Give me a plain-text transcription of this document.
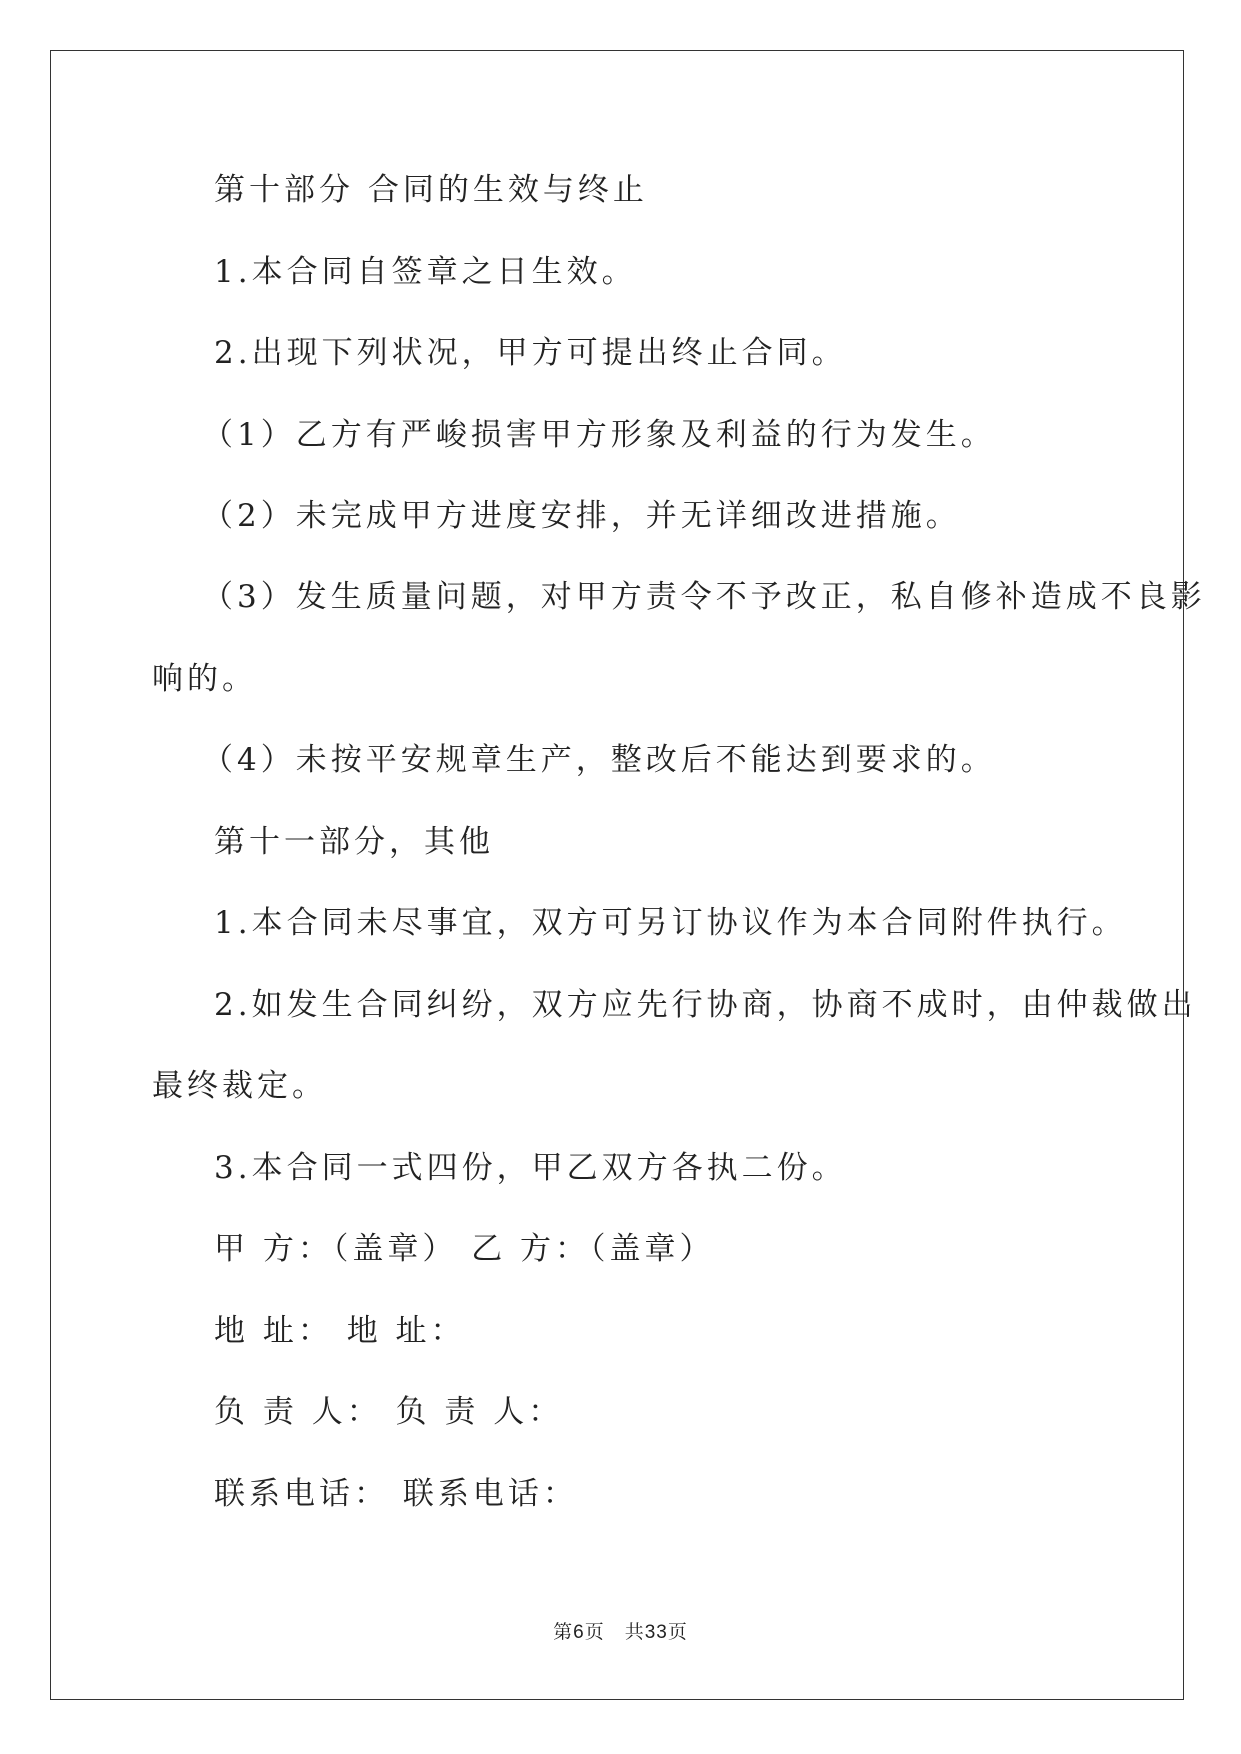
第十部分 合同的生效与终止
1.本合同自签章之日生效。
2.出现下列状况，甲方可提出终止合同。
（1）乙方有严峻损害甲方形象及利益的行为发生。
（2）未完成甲方进度安排，并无详细改进措施。
（3）发生质量问题，对甲方责令不予改正，私自修补造成不良影
响的。
（4）未按平安规章生产，整改后不能达到要求的。
第十一部分，其他
1.本合同未尽事宜，双方可另订协议作为本合同附件执行。
2.如发生合同纠纷，双方应先行协商，协商不成时，由仲裁做出
最终裁定。
3.本合同一式四份，甲乙双方各执二份。
甲 方：（盖章） 乙 方：（盖章）
地 址： 地 址：
负 责 人： 负 责 人：
联系电话： 联系电话：
第6页　共33页
